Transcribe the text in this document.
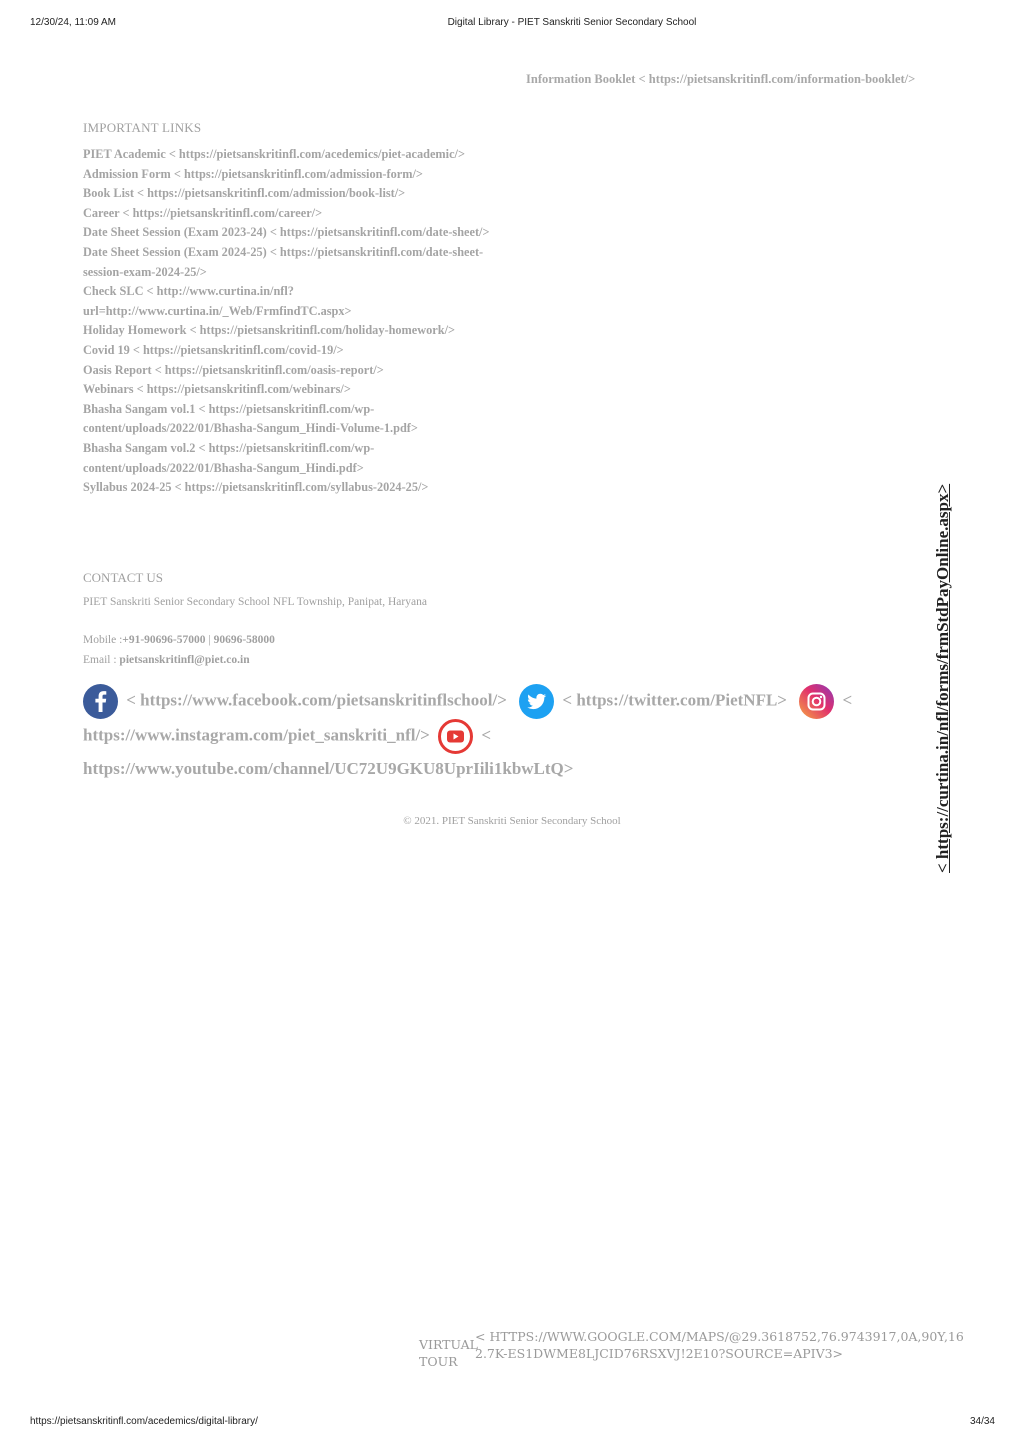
12/30/24, 11:09 AM	Digital Library - PIET Sanskriti Senior Secondary School
Information Booklet < https://pietsanskritinfl.com/information-booklet/>
IMPORTANT LINKS
PIET Academic < https://pietsanskritinfl.com/acedemics/piet-academic/>
Admission Form < https://pietsanskritinfl.com/admission-form/>
Book List < https://pietsanskritinfl.com/admission/book-list/>
Career < https://pietsanskritinfl.com/career/>
Date Sheet Session (Exam 2023-24) < https://pietsanskritinfl.com/date-sheet/>
Date Sheet Session (Exam 2024-25) < https://pietsanskritinfl.com/date-sheet-session-exam-2024-25/>
Check SLC < http://www.curtina.in/nfl?url=http://www.curtina.in/_Web/FrmfindTC.aspx>
Holiday Homework < https://pietsanskritinfl.com/holiday-homework/>
Covid 19 < https://pietsanskritinfl.com/covid-19/>
Oasis Report < https://pietsanskritinfl.com/oasis-report/>
Webinars < https://pietsanskritinfl.com/webinars/>
Bhasha Sangam vol.1 < https://pietsanskritinfl.com/wp-content/uploads/2022/01/Bhasha-Sangum_Hindi-Volume-1.pdf>
Bhasha Sangam vol.2 < https://pietsanskritinfl.com/wp-content/uploads/2022/01/Bhasha-Sangum_Hindi.pdf>
Syllabus 2024-25 < https://pietsanskritinfl.com/syllabus-2024-25/>
CONTACT US
PIET Sanskriti Senior Secondary School NFL Township, Panipat, Haryana
Mobile :+91-90696-57000 | 90696-58000
Email : pietsanskritinfl@piet.co.in
< https://www.facebook.com/pietsanskritinflschool/>	< https://twitter.com/PietNFL>	< https://www.instagram.com/piet_sanskriti_nfl/>	< https://www.youtube.com/channel/UC72U9GKU8UprIili1kbwLtQ>
© 2021. PIET Sanskriti Senior Secondary School	< https://curtina.in/nfl/forms/frmStdPayOnline.aspx>
VIRTUAL TOUR
< HTTPS://WWW.GOOGLE.COM/MAPS/@29.3618752,76.9743917,0A,90Y,162.7K-ES1DWME8LJCID76RSXVJ!2E10?SOURCE=APIV3>
https://pietsanskritinfl.com/acedemics/digital-library/	34/34
